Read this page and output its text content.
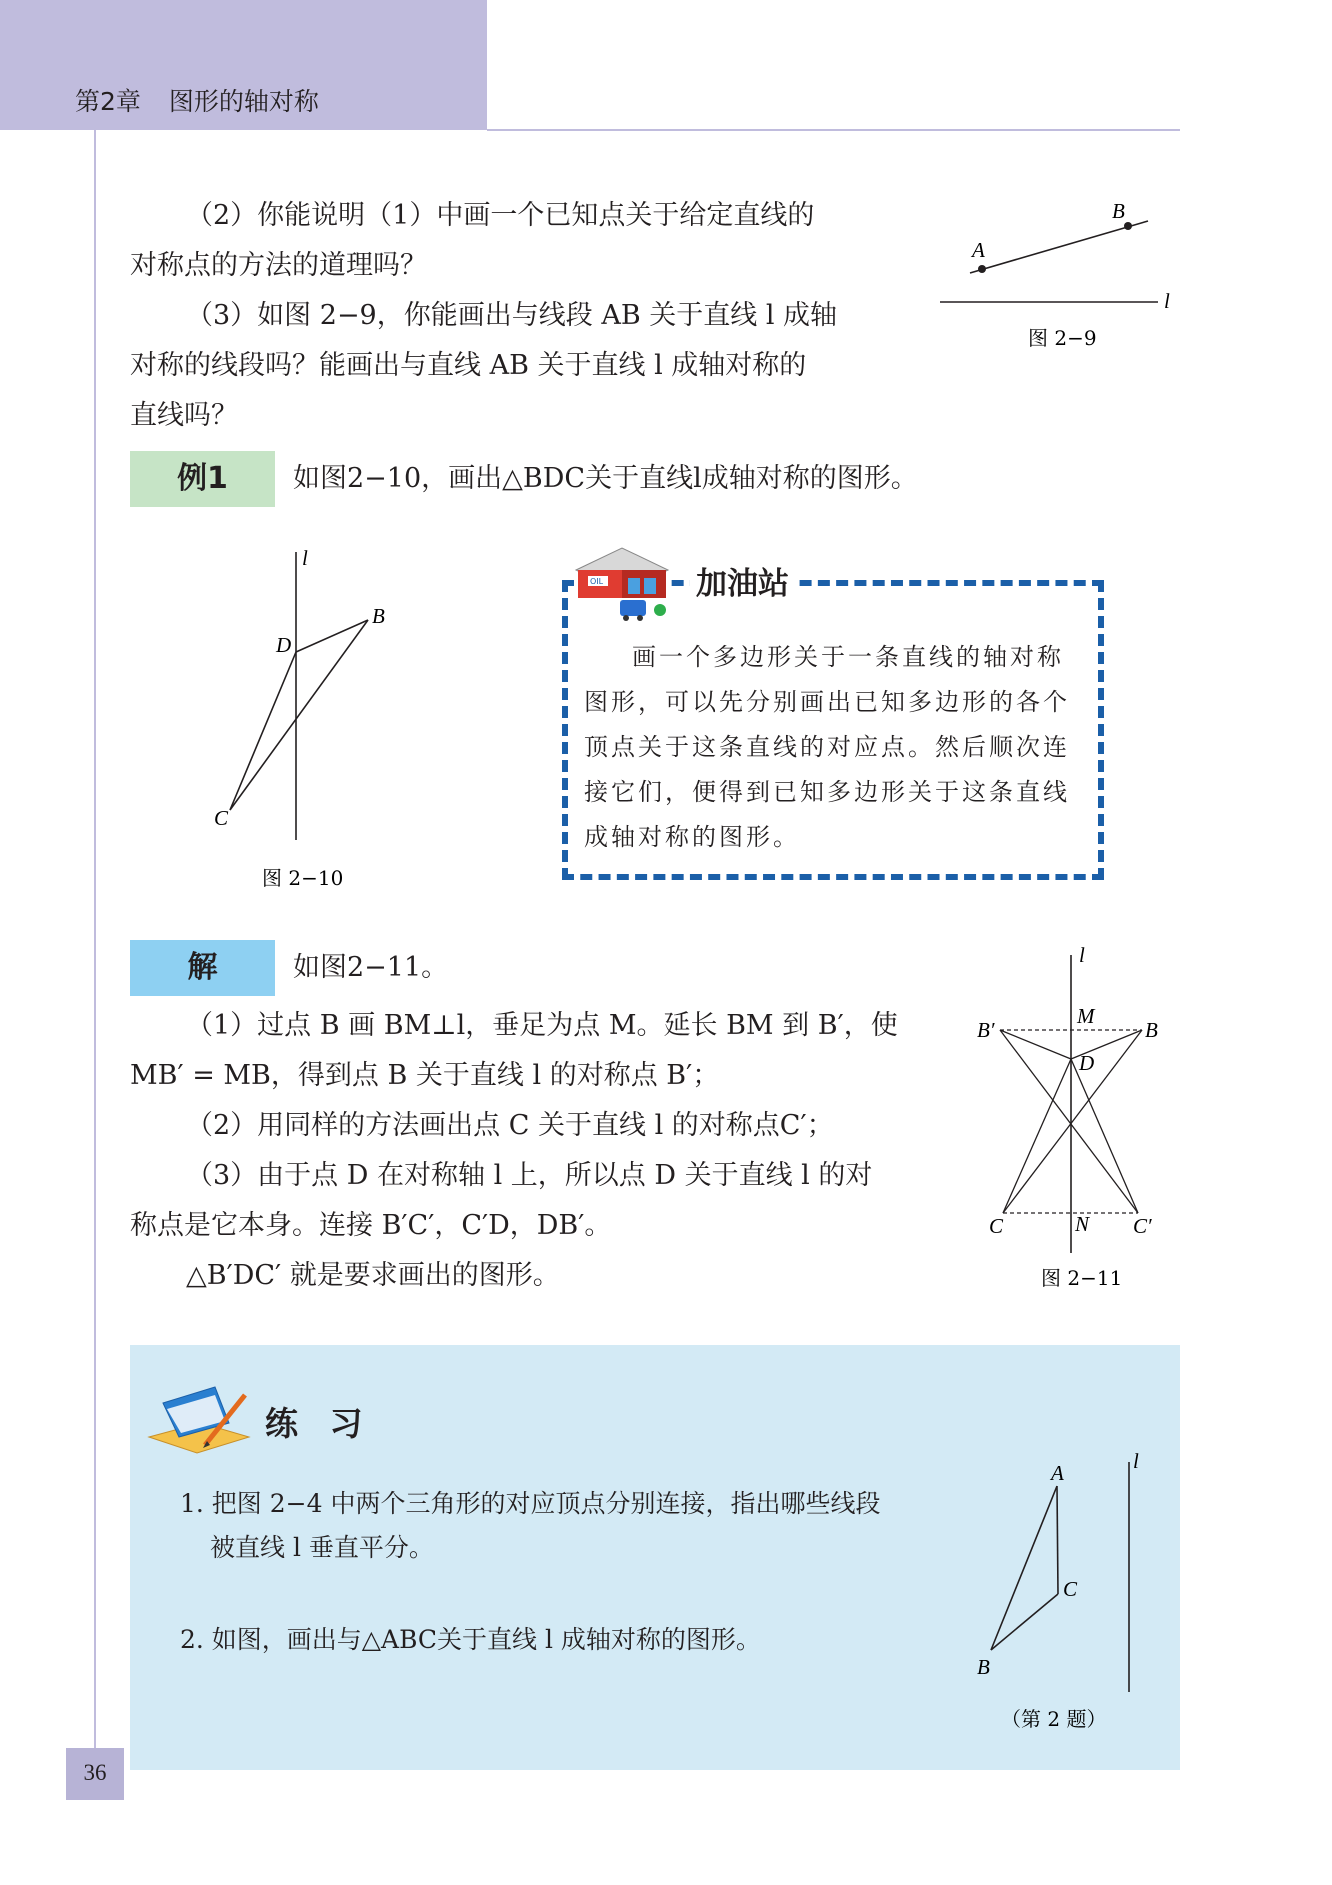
第2章 图形的轴对称
（2）你能说明（1）中画一个已知点关于给定直线的
对称点的方法的道理吗？
（3）如图 2−9，你能画出与线段 AB 关于直线 l 成轴
对称的线段吗？能画出与直线 AB 关于直线 l 成轴对称的
直线吗？
A
B
l
图 2−9
例1	如图2−10，画出△BDC关于直线l成轴对称的图形。
l
B
D
C
图 2−10
OIL	加油站
画一个多边形关于一条直线的轴对称
图形，可以先分别画出已知多边形的各个
顶点关于这条直线的对应点。然后顺次连
接它们，便得到已知多边形关于这条直线
成轴对称的图形。
解	如图2−11。
（1）过点 B 画 BM⊥l，垂足为点 M。延长 BM 到 B′，使
MB′ = MB，得到点 B 关于直线 l 的对称点 B′；
（2）用同样的方法画出点 C 关于直线 l 的对称点C′；
（3）由于点 D 在对称轴 l 上，所以点 D 关于直线 l 的对
称点是它本身。连接 B′C′，C′D，DB′。
△B′DC′ 就是要求画出的图形。
l
M
B′	B
D
C	N C′
图 2−11
练 习
1. 把图 2−4 中两个三角形的对应顶点分别连接，指出哪些线段
被直线 l 垂直平分。
2. 如图，画出与△ABC关于直线 l 成轴对称的图形。
A
B
C
l
（第 2 题）
36
